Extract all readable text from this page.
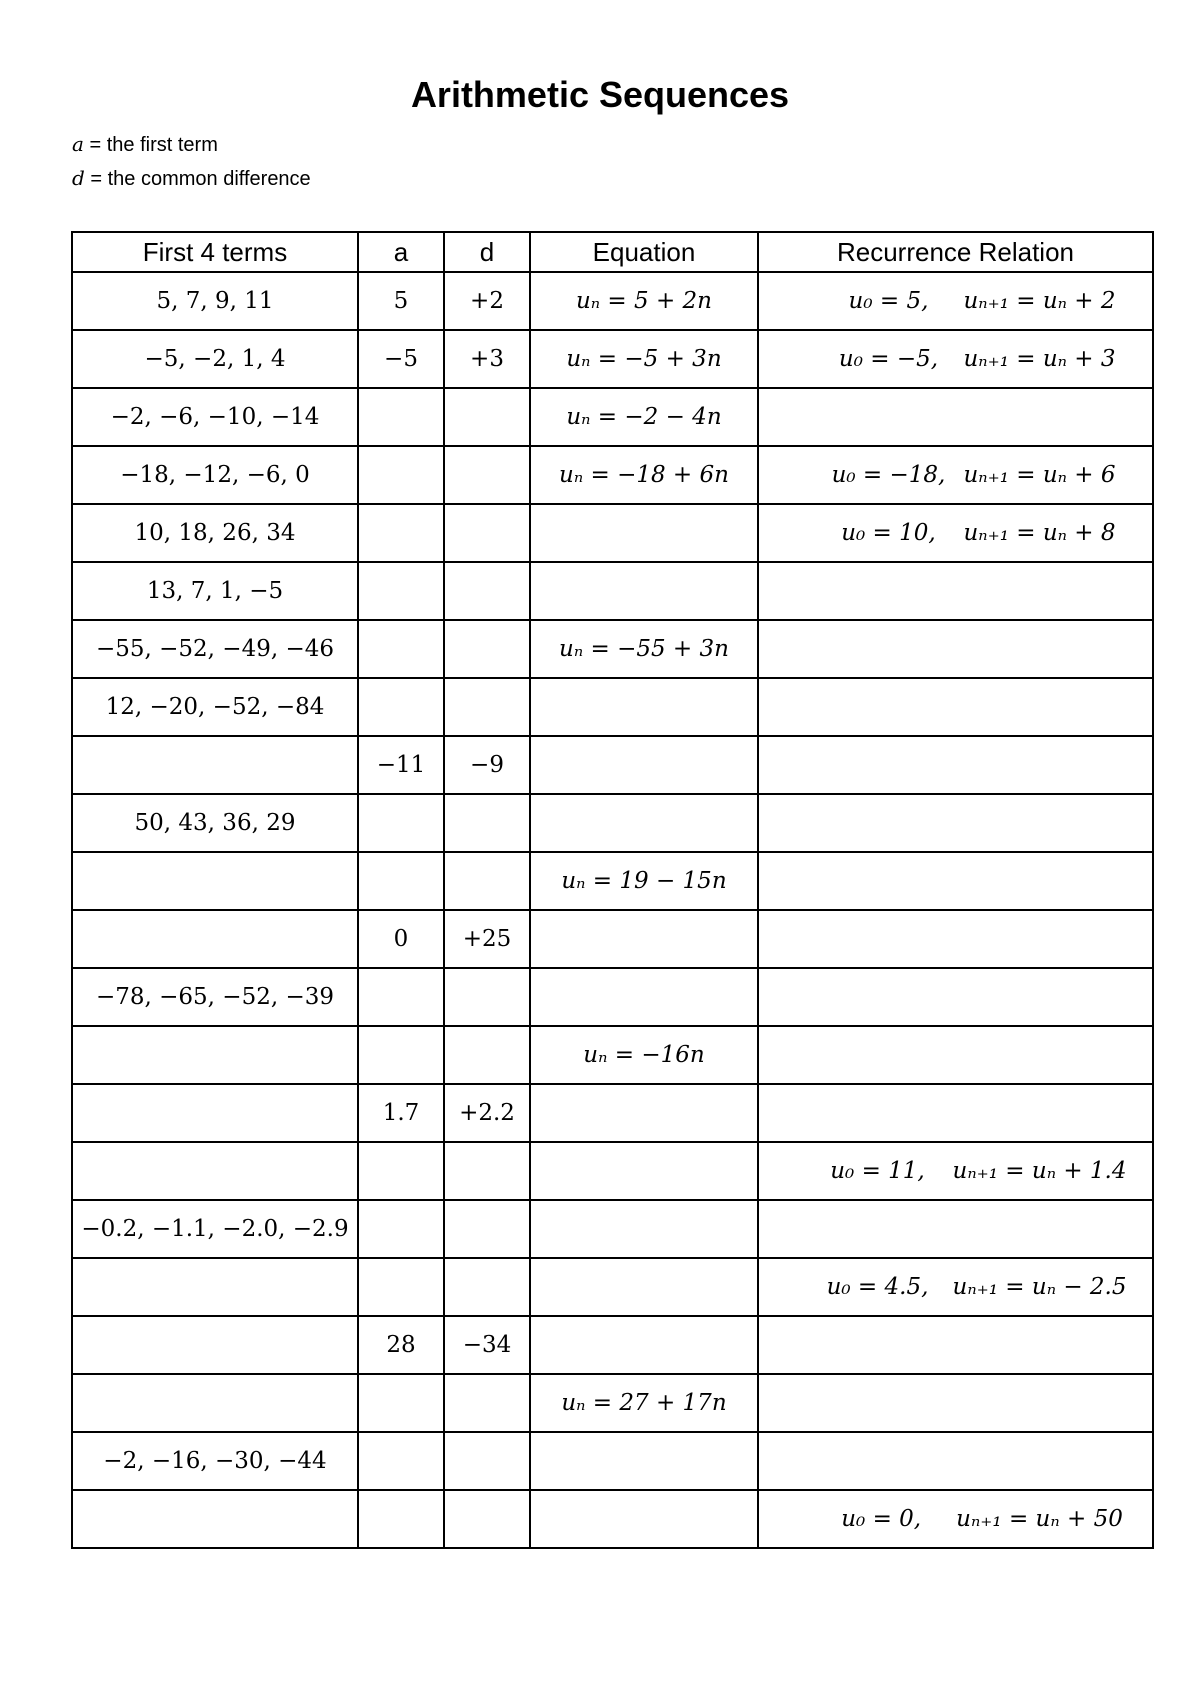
Arithmetic Sequences
a = the first term
d = the common difference
First 4 terms	a	d	Equation	Recurrence Relation
5, 7, 9, 11	5	+2	uₙ = 5 + 2n	u₀ = 5, uₙ₊₁ = uₙ + 2
−5, −2, 1, 4	−5	+3	uₙ = −5 + 3n	u₀ = −5, uₙ₊₁ = uₙ + 3
−2, −6, −10, −14			uₙ = −2 − 4n	
−18, −12, −6, 0			uₙ = −18 + 6n	u₀ = −18, uₙ₊₁ = uₙ + 6
10, 18, 26, 34				u₀ = 10, uₙ₊₁ = uₙ + 8
13, 7, 1, −5				
−55, −52, −49, −46			uₙ = −55 + 3n	
12, −20, −52, −84				
	−11	−9		
50, 43, 36, 29				
			uₙ = 19 − 15n	
	0	+25		
−78, −65, −52, −39				
			uₙ = −16n	
	1.7	+2.2		
				u₀ = 11, uₙ₊₁ = uₙ + 1.4
−0.2, −1.1, −2.0, −2.9				
				u₀ = 4.5, uₙ₊₁ = uₙ − 2.5
	28	−34		
			uₙ = 27 + 17n	
−2, −16, −30, −44				
				u₀ = 0, uₙ₊₁ = uₙ + 50
